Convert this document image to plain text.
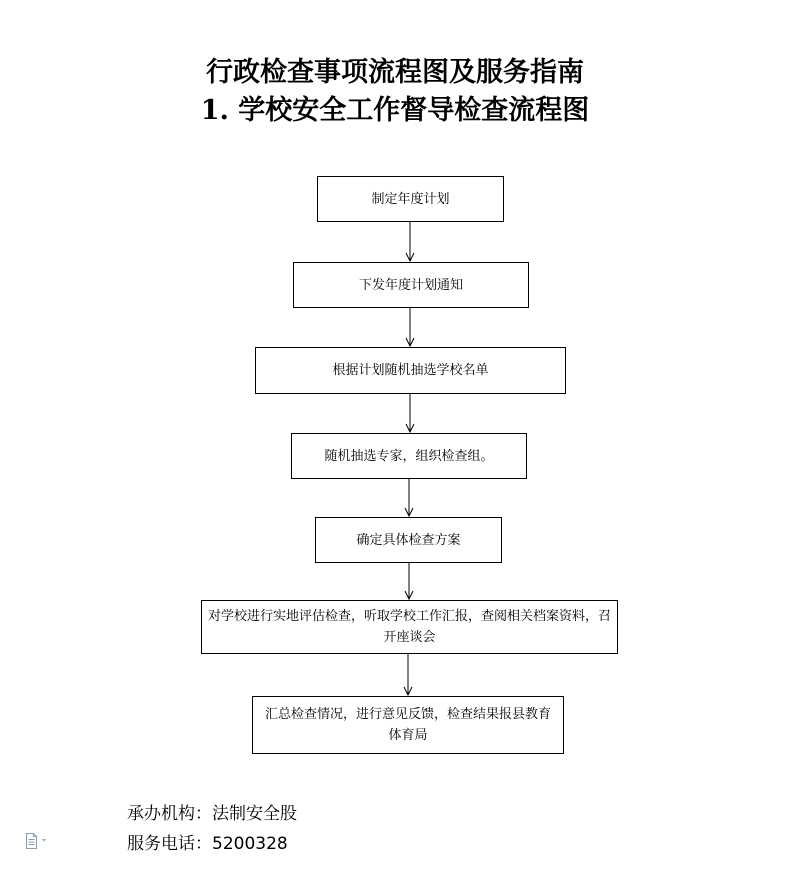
行政检查事项流程图及服务指南
1. 学校安全工作督导检查流程图
制定年度计划
下发年度计划通知
根据计划随机抽选学校名单
随机抽选专家，组织检查组。
确定具体检查方案
对学校进行实地评估检查，听取学校工作汇报，查阅相关档案资料，召开座谈会
汇总检查情况，进行意见反馈，检查结果报县教育体育局
承办机构：法制安全股
服务电话：5200328
